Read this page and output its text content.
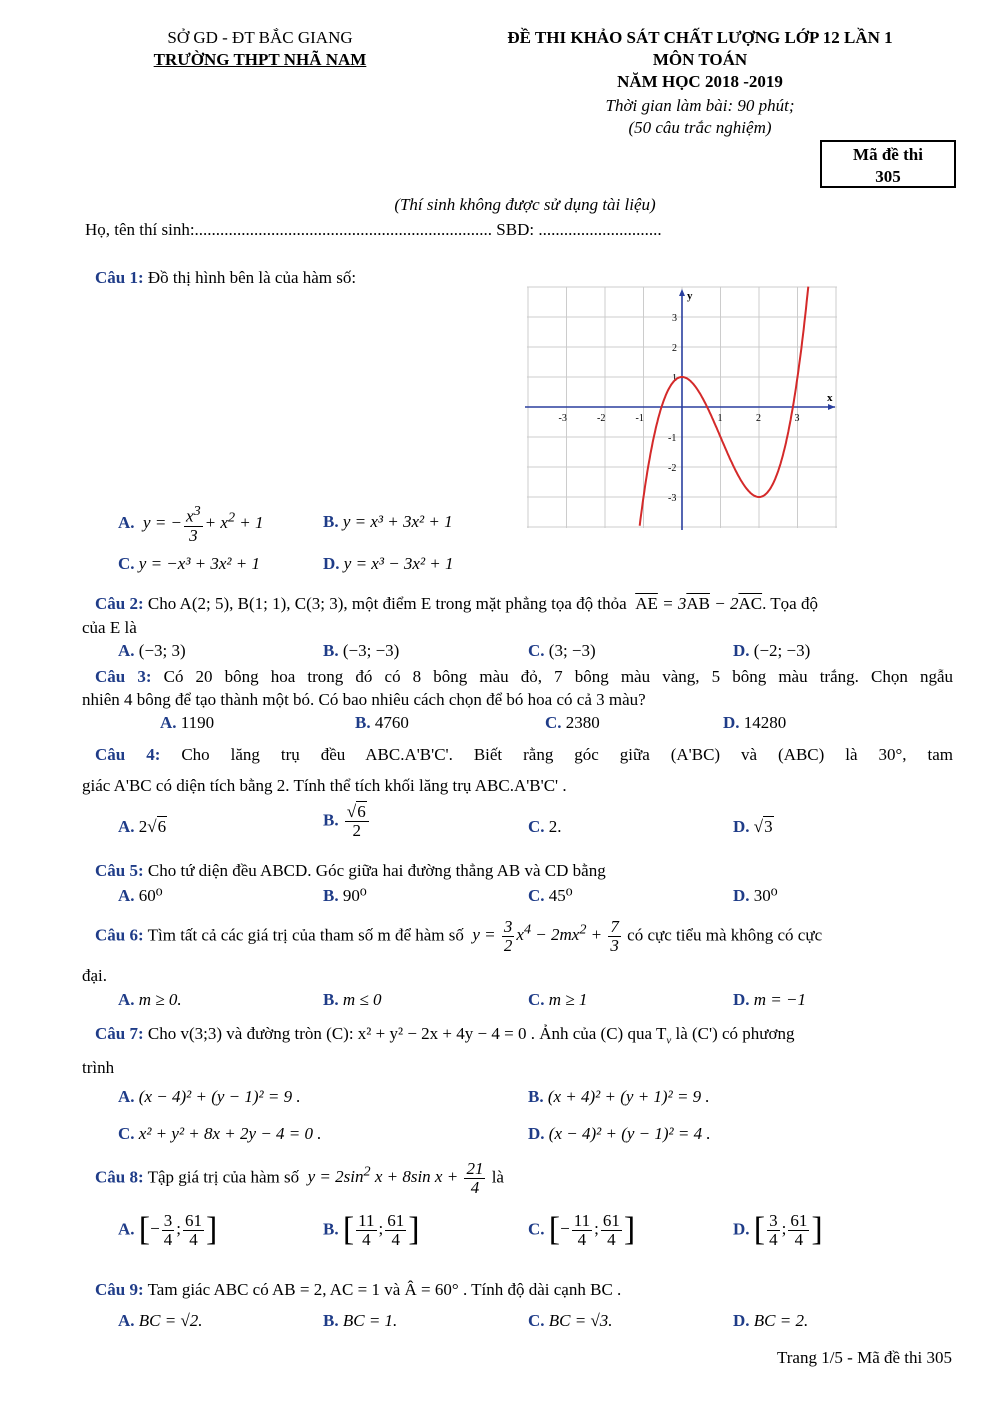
SỞ GD - ĐT BẮC GIANG
TRƯỜNG THPT NHÃ NAM
ĐỀ THI KHẢO SÁT CHẤT LƯỢNG LỚP 12 LẦN 1
MÔN TOÁN
NĂM HỌC 2018 -2019
Thời gian làm bài: 90 phút;
(50 câu trắc nghiệm)
Mã đề thi
305
(Thí sinh không được sử dụng tài liệu)
Họ, tên thí sinh:...................................................................... SBD: .............................
Câu 1: Đồ thị hình bên là của hàm số:
-3	-2	-1	1	2	3
3
2
1
-1
-2
-3
x
y
A.  y = − $\frac{x^3}{3} + x^2 + 1$	B. y = x³ + 3x² + 1
C. y = −x³ + 3x² + 1	D. y = x³ − 3x² + 1
Câu 2: Cho A(2; 5), B(1; 1), C(3; 3), một điểm E trong mặt phẳng tọa độ thỏa $\overline{AE} = 3\overline{AB} - 2\overline{AC}$. Tọa độ
của E là
A. (−3; 3)	B. (−3; −3)	C. (3; −3)	D. (−2; −3)
Câu 3: Có 20 bông hoa trong đó có 8 bông màu đỏ, 7 bông màu vàng, 5 bông màu trắng. Chọn ngẫu
nhiên 4 bông để tạo thành một bó. Có bao nhiêu cách chọn để bó hoa có cả 3 màu?
A. 1190	B. 4760	C. 2380	D. 14280
Câu 4: Cho lăng trụ đều ABC.A'B'C'. Biết rằng góc giữa (A'BC) và (ABC) là 30°, tam
giác A'BC có diện tích bằng 2. Tính thể tích khối lăng trụ ABC.A'B'C' .
A. 2√6	B. $\frac{√6}{2}$	C. 2.	D. √3
Câu 5: Cho tứ diện đều ABCD. Góc giữa hai đường thẳng AB và CD bằng
A. 60⁰	B. 90⁰	C. 45⁰	D. 30⁰
Câu 6: Tìm tất cả các giá trị của tham số m để hàm số  $y = \frac{3}{2} x^4 - 2mx^2 + \frac{7}{3}$ có cực tiểu mà không có cực
đại.
A. m ≥ 0.	B. m ≤ 0	C. m ≥ 1	D. m = −1
Câu 7: Cho v(3;3) và đường tròn (C): x² + y² − 2x + 4y − 4 = 0 . Ảnh của (C) qua $T_v$ là (C') có phương
trình
A. (x − 4)² + (y − 1)² = 9 .	B. (x + 4)² + (y + 1)² = 9 .
C. x² + y² + 8x + 2y − 4 = 0 .	D. (x − 4)² + (y − 1)² = 4 .
Câu 8: Tập giá trị của hàm số  $y = 2\sin^2$ x + 8sin $x + \frac{21}{4}$ là
A. [− $\frac{3}{4}$ ; $\frac{61}{4}$ ]	B. [ $\frac{11}{4}$ ; $\frac{61}{4}$ ]	C. [− $\frac{11}{4}$ ; $\frac{61}{4}$ ]	D. [ $\frac{3}{4}$ ; $\frac{61}{4}$ ]
Câu 9: Tam giác ABC có AB = 2, AC = 1 và Â = 60° . Tính độ dài cạnh BC .
A. BC = √2.	B. BC = 1.	C. BC = √3.	D. BC = 2.
Trang 1/5 - Mã đề thi 305
